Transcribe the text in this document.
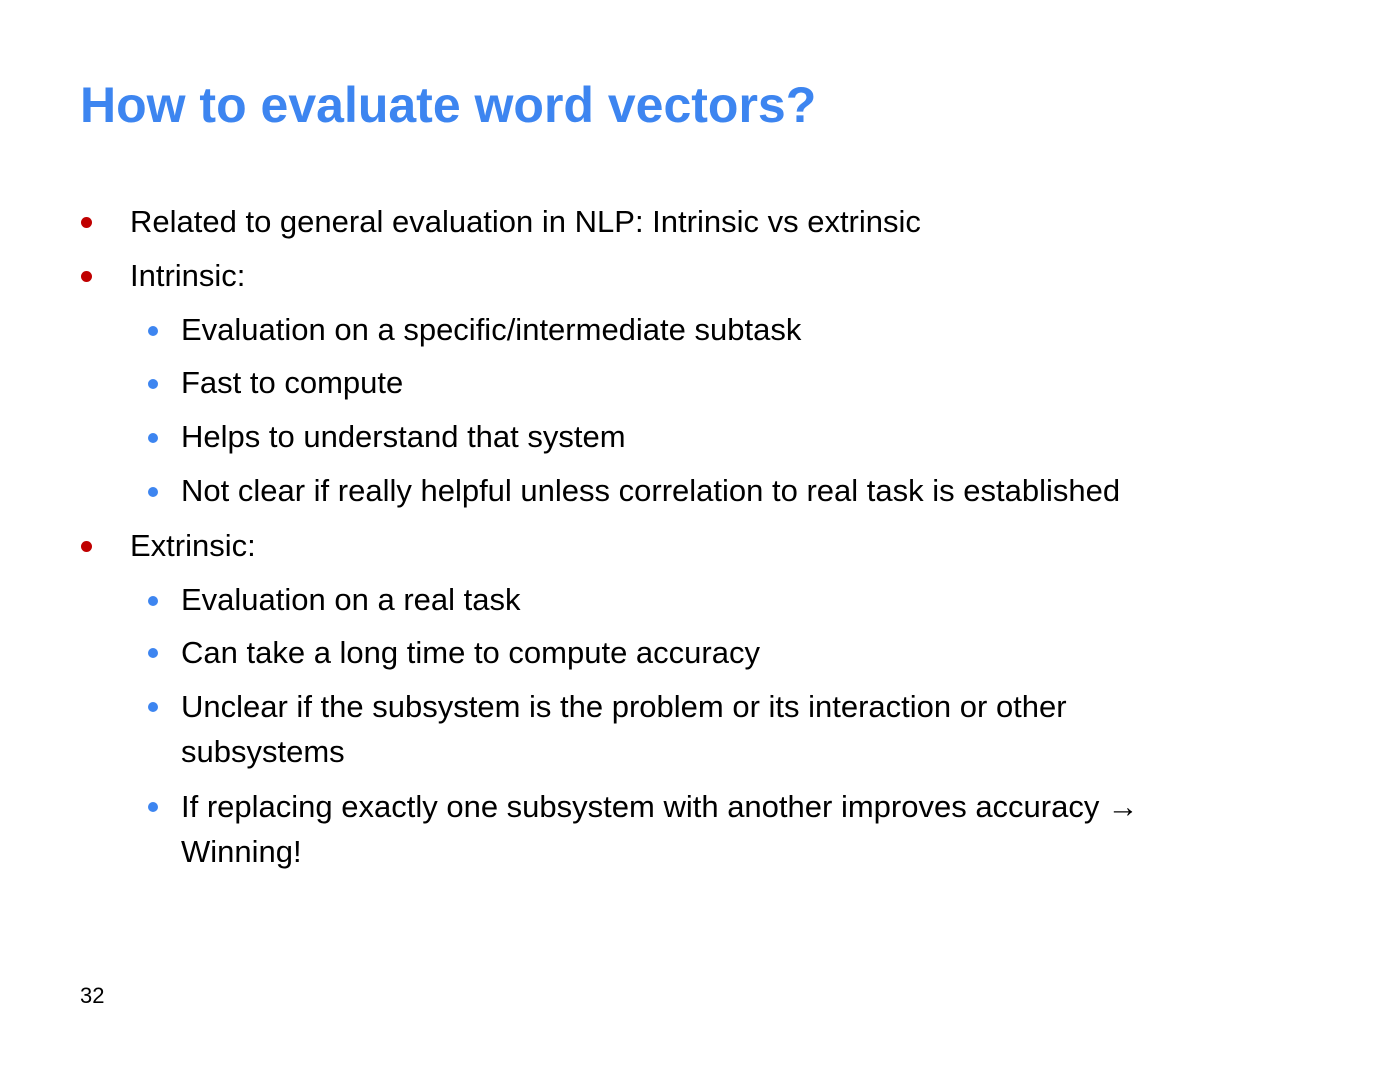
How to evaluate word vectors?
Related to general evaluation in NLP: Intrinsic vs extrinsic
Intrinsic:
Evaluation on a specific/intermediate subtask
Fast to compute
Helps to understand that system
Not clear if really helpful unless correlation to real task is established
Extrinsic:
Evaluation on a real task
Can take a long time to compute accuracy
Unclear if the subsystem is the problem or its interaction or other
subsystems
If replacing exactly one subsystem with another improves accuracy →
Winning!
32
